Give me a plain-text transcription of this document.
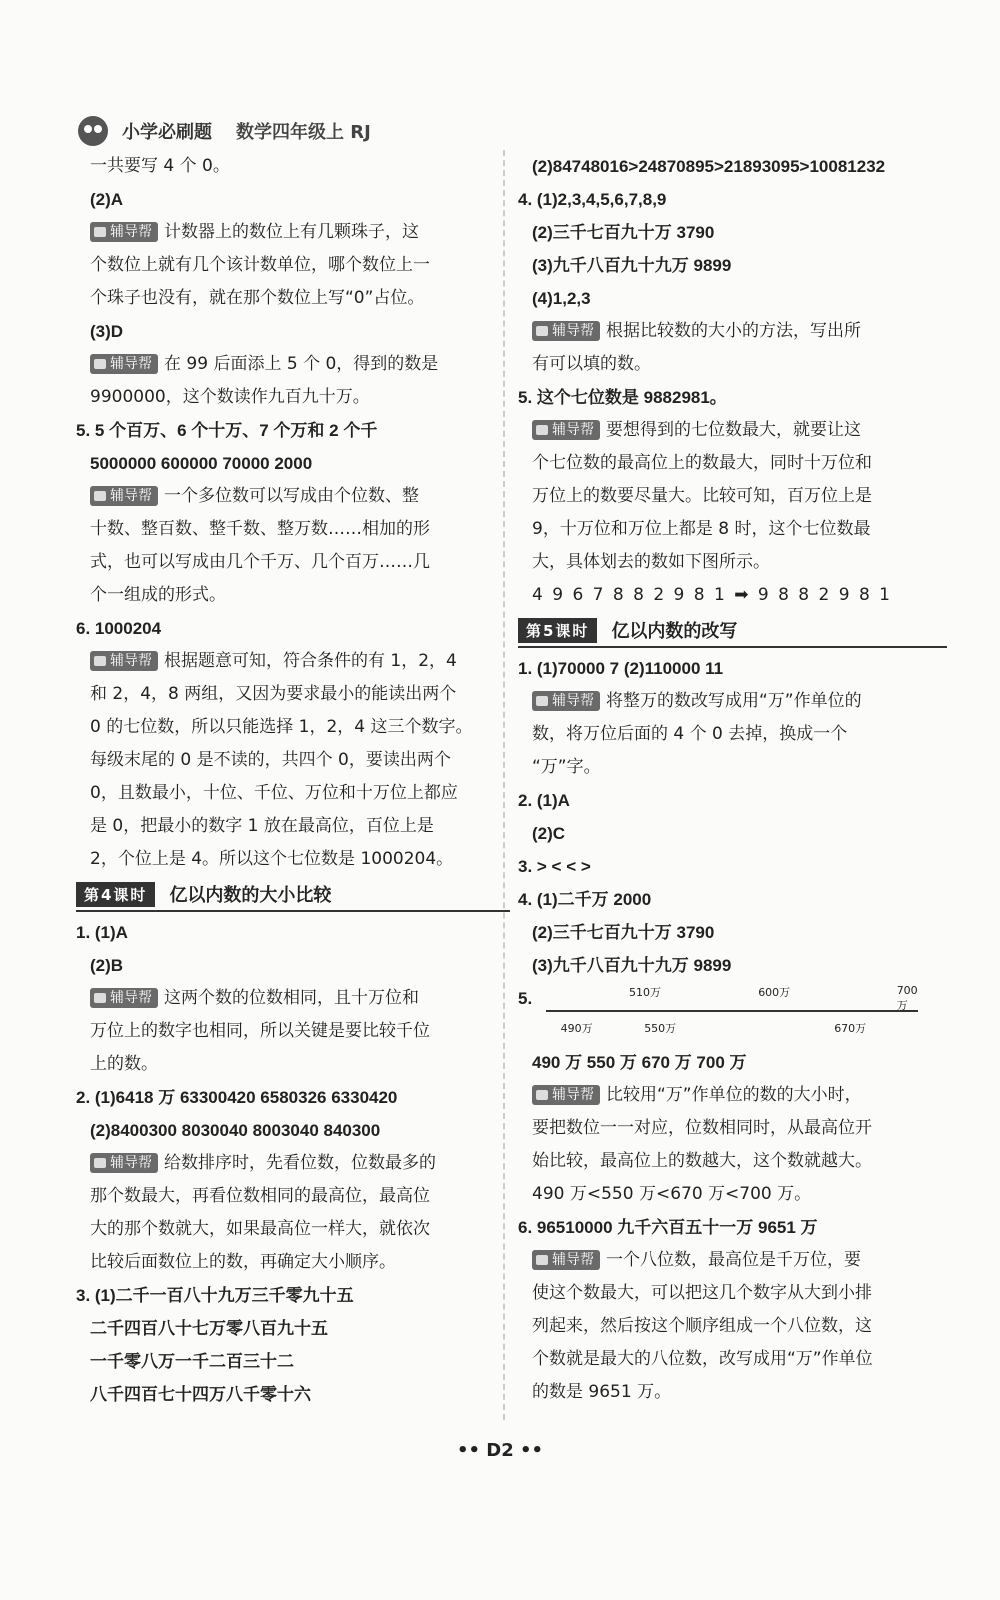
小学必刷题 数学四年级上 RJ
一共要写 4 个 0。
(2)A
辅导帮 计数器上的数位上有几颗珠子，这
个数位上就有几个该计数单位，哪个数位上一
个珠子也没有，就在那个数位上写“0”占位。
(3)D
辅导帮 在 99 后面添上 5 个 0，得到的数是
9900000，这个数读作九百九十万。
5. 5 个百万、6 个十万、7 个万和 2 个千
5000000 600000 70000 2000
辅导帮 一个多位数可以写成由个位数、整
十数、整百数、整千数、整万数……相加的形
式，也可以写成由几个千万、几个百万……几
个一组成的形式。
6. 1000204
辅导帮 根据题意可知，符合条件的有 1，2，4
和 2，4，8 两组，又因为要求最小的能读出两个
0 的七位数，所以只能选择 1，2，4 这三个数字。
每级末尾的 0 是不读的，共四个 0，要读出两个
0，且数最小，十位、千位、万位和十万位上都应
是 0，把最小的数字 1 放在最高位，百位上是
2，个位上是 4。所以这个七位数是 1000204。
第4课时	亿以内数的大小比较
1. (1)A
(2)B
辅导帮 这两个数的位数相同，且十万位和
万位上的数字也相同，所以关键是要比较千位
上的数。
2. (1)6418 万 63300420 6580326 6330420
(2)8400300 8030040 8003040 840300
辅导帮 给数排序时，先看位数，位数最多的
那个数最大，再看位数相同的最高位，最高位
大的那个数就大，如果最高位一样大，就依次
比较后面数位上的数，再确定大小顺序。
3. (1)二千一百八十九万三千零九十五
二千四百八十七万零八百九十五
一千零八万一千二百三十二
八千四百七十四万八千零十六
(2)84748016>24870895>21893095>10081232
4. (1)2,3,4,5,6,7,8,9
(2)三千七百九十万 3790
(3)九千八百九十九万 9899
(4)1,2,3
辅导帮 根据比较数的大小的方法，写出所
有可以填的数。
5. 这个七位数是 9882981。
辅导帮 要想得到的七位数最大，就要让这
个七位数的最高位上的数最大，同时十万位和
万位上的数要尽量大。比较可知，百万位上是
9，十万位和万位上都是 8 时，这个七位数最
大，具体划去的数如下图所示。
4 9 6 7 8 8 2 9 8 1 ➡ 9 8 8 2 9 8 1
第5课时	亿以内数的改写
1. (1)70000 7 (2)110000 11
辅导帮 将整万的数改写成用“万”作单位的
数，将万位后面的 4 个 0 去掉，换成一个
“万”字。
2. (1)A
(2)C
3. > < < >
4. (1)二千万 2000
(2)三千七百九十万 3790
(3)九千八百九十九万 9899
5.	510万	600万	700万
490万	550万	670万
490 万 550 万 670 万 700 万
辅导帮 比较用“万”作单位的数的大小时，
要把数位一一对应，位数相同时，从最高位开
始比较，最高位上的数越大，这个数就越大。
490 万<550 万<670 万<700 万。
6. 96510000 九千六百五十一万 9651 万
辅导帮 一个八位数，最高位是千万位，要
使这个数最大，可以把这几个数字从大到小排
列起来，然后按这个顺序组成一个八位数，这
个数就是最大的八位数，改写成用“万”作单位
的数是 9651 万。
•• D2 ••
